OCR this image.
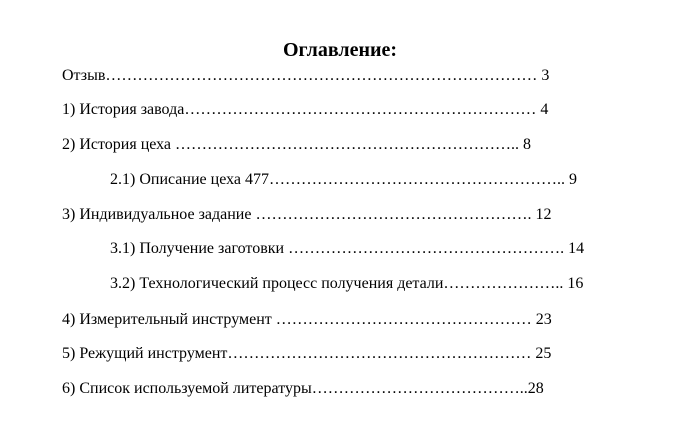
Оглавление:

Отзыв……………………………………………………………………… 3

1) История завода………………………………………………………… 4

2) История цеха ……………………………………………………….. 8

2.1) Описание цеха 477……………………………………………….. 9

3) Индивидуальное задание ……………………………………………. 12

3.1) Получение заготовки ……………………………………………. 14

3.2) Технологический процесс получения детали………………….. 16

4) Измерительный инструмент ………………………………………… 23

5) Режущий инструмент………………………………………………… 25

6) Список используемой литературы…………………………………..28
